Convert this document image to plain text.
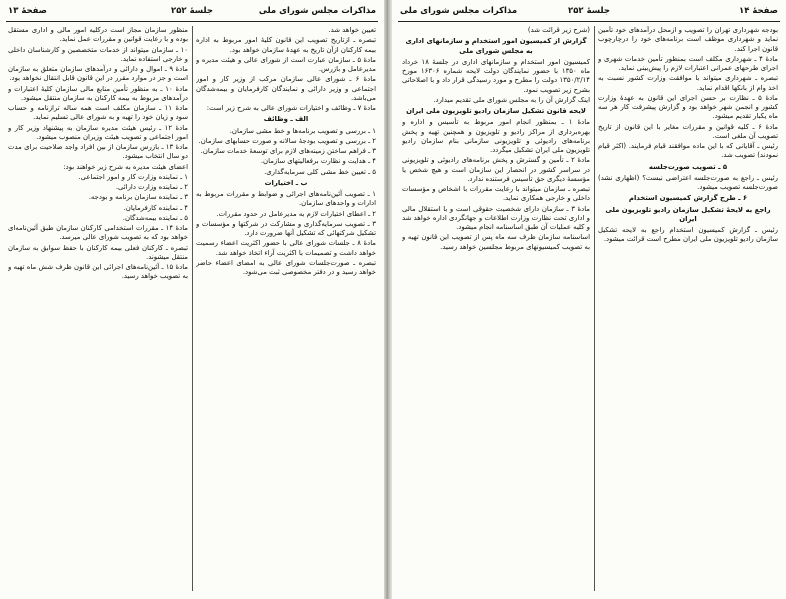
مذاکرات مجلس شورای ملی
جلسهٔ ۲۵۲
صفحهٔ ۱۳

تعیین خواهد شد.

تبصره ـ ازتاریخ تصویب این قانون کلیهٔ امور مربوط به اداره بیمه کارکنان ازآن تاریخ به عهدهٔ سازمان خواهد بود.

مادهٔ ۵ ـ سازمان عبارت است از شورای عالی و هیئت مدیره و مدیرعامل و بازرس.

مادهٔ ۶ ـ شورای عالی سازمان مرکب از وزیر کار و امور اجتماعی و وزیر دارائی و نمایندگان کارفرمایان و بیمه‌شدگان می‌باشد.

مادهٔ ۷ ـ وظائف و اختیارات شورای عالی به شرح زیر است:

الف ـ وظائف

۱ ـ بررسی و تصویب برنامه‌ها و خط مشی سازمان.

۲ ـ بررسی و تصویب بودجهٔ سالانه و صورت حسابهای سازمان.

۳ ـ فراهم ساختن زمینه‌های لازم برای توسعهٔ خدمات سازمان.

۴ ـ هدایت و نظارت برفعالیتهای سازمان.

۵ ـ تعیین خط مشی کلی سرمایه‌گذاری.

ب ـ اختیارات

۱ ـ تصویب آئین‌نامه‌های اجرائی و ضوابط و مقررات مربوط به ادارات و واحدهای سازمان.

۲ ـ اعطای اختیارات لازم به مدیرعامل در حدود مقررات.

۳ ـ تصویب سرمایه‌گذاری و مشارکت در شرکتها و مؤسسات و تشکیل شرکتهائی که تشکیل آنها ضرورت دارد.

مادهٔ ۸ ـ جلسات شورای عالی با حضور اکثریت اعضاء رسمیت خواهد داشت و تصمیمات با اکثریت آراء اتخاذ خواهد شد.

تبصره ـ صورت‌جلسات شورای عالی به امضای اعضاء حاضر خواهد رسید و در دفتر مخصوصی ثبت می‌شود.

منظور سازمان مجاز است درکلیه امور مالی و اداری مستقل بوده و با رعایت قوانین و مقررات عمل نماید.

۱۰ ـ سازمان میتواند از خدمات متخصصین و کارشناسان داخلی و خارجی استفاده نماید.

مادهٔ ۹ ـ اموال و دارائی و درآمدهای سازمان متعلق به سازمان است و جز در موارد مقرر در این قانون قابل انتقال نخواهد بود.

مادهٔ ۱۰ ـ به منظور تأمین منابع مالی سازمان کلیهٔ اعتبارات و درآمدهای مربوط به بیمه کارکنان به سازمان منتقل میشود.

مادهٔ ۱۱ ـ سازمان مکلف است همه ساله ترازنامه و حساب سود و زیان خود را تهیه و به شورای عالی تسلیم نماید.

مادهٔ ۱۲ ـ رئیس هیئت مدیره سازمان به پیشنهاد وزیر کار و امور اجتماعی و تصویب هیئت وزیران منصوب میشود.

مادهٔ ۱۳ ـ بازرس سازمان از بین افراد واجد صلاحیت برای مدت دو سال انتخاب میشود.

اعضای هیئت مدیره به شرح زیر خواهند بود:

۱ ـ نماینده وزارت کار و امور اجتماعی.

۲ ـ نماینده وزارت دارائی.

۳ ـ نماینده سازمان برنامه و بودجه.

۴ ـ نماینده کارفرمایان.

۵ ـ نماینده بیمه‌شدگان.

مادهٔ ۱۴ ـ مقررات استخدامی کارکنان سازمان طبق آئین‌نامه‌ای خواهد بود که به تصویب شورای عالی میرسد.

تبصره ـ کارکنان فعلی بیمه کارکنان با حفظ سوابق به سازمان منتقل میشوند.

مادهٔ ۱۵ ـ آئین‌نامه‌های اجرائی این قانون ظرف شش ماه تهیه و به تصویب خواهد رسید.

صفحهٔ ۱۴
جلسهٔ ۲۵۲
مذاکرات مجلس شورای ملی

بودجه شهرداری تهران را تصویب و ازمحل درآمدهای خود تأمین نماید و شهرداری موظف است برنامه‌های خود را درچارچوب قانون اجرا کند.

مادهٔ ۴ ـ شهرداری مکلف است بمنظور تأمین خدمات شهری و اجرای طرحهای عمرانی اعتبارات لازم را پیش‌بینی نماید.

تبصره ـ شهرداری میتواند با موافقت وزارت کشور نسبت به اخذ وام از بانکها اقدام نماید.

مادهٔ ۵ ـ نظارت بر حسن اجرای این قانون به عهدهٔ وزارت کشور و انجمن شهر خواهد بود و گزارش پیشرفت کار هر سه ماه یکبار تقدیم میشود.

مادهٔ ۶ ـ کلیه قوانین و مقررات مغایر با این قانون از تاریخ تصویب آن ملغی است.

رئیس ـ آقایانی که با این ماده موافقند قیام فرمایند. (اکثر قیام نمودند) تصویب شد.

۵ ـ تصویب صورت‌جلسه

رئیس ـ راجع به صورت‌جلسه اعتراضی نیست؟ (اظهاری نشد) صورت‌جلسه تصویب میشود.

۶ ـ طرح گزارش کمیسیون استخدام

راجع به لایحهٔ تشکیل سازمان رادیو تلویزیون ملی ایران

رئیس ـ گزارش کمیسیون استخدام راجع به لایحه تشکیل سازمان رادیو تلویزیون ملی ایران مطرح است قرائت میشود.

(شرح زیر قرائت شد)

گزارش از کمیسیون امور استخدام و سازمانهای اداری به مجلس شورای ملی

کمیسیون امور استخدام و سازمانهای اداری در جلسهٔ ۱۸ خرداد ماه ۱۳۵۰ با حضور نمایندگان دولت لایحه شماره ۱۶۳۰۶ مورخ ۱۳۵۰/۲/۱۴ دولت را مطرح و مورد رسیدگی قرار داد و با اصلاحاتی بشرح زیر تصویب نمود.

اینک گزارش آن را به مجلس شورای ملی تقدیم میدارد.

لایحه قانون تشکیل سازمان رادیو تلویزیون ملی ایران

مادهٔ ۱ ـ بمنظور انجام امور مربوط به تأسیس و اداره و بهره‌برداری از مراکز رادیو و تلویزیون و همچنین تهیه و پخش برنامه‌های رادیوئی و تلویزیونی سازمانی بنام سازمان رادیو تلویزیون ملی ایران تشکیل میگردد.

مادهٔ ۲ ـ تأمین و گسترش و پخش برنامه‌های رادیوئی و تلویزیونی در سراسر کشور در انحصار این سازمان است و هیچ شخص یا مؤسسهٔ دیگری حق تأسیس فرستنده ندارد.

تبصره ـ سازمان میتواند با رعایت مقررات با اشخاص و مؤسسات داخلی و خارجی همکاری نماید.

مادهٔ ۳ ـ سازمان دارای شخصیت حقوقی است و با استقلال مالی و اداری تحت نظارت وزارت اطلاعات و جهانگردی اداره خواهد شد و کلیه عملیات آن طبق اساسنامه انجام میشود.

اساسنامه سازمان ظرف سه ماه پس از تصویب این قانون تهیه و به تصویب کمیسیونهای مربوط مجلسین خواهد رسید.
